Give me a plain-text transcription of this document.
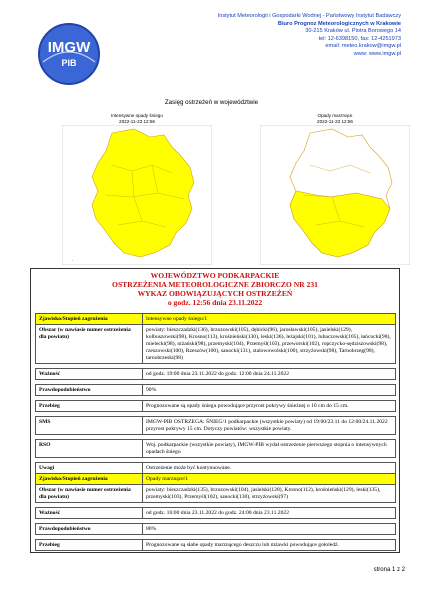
IMGW
PIB
Instytut Meteorologii i Gospodarki Wodnej - Państwowy Instytut Badawczy
Biuro Prognoz Meteorologicznych w Krakowie
30-215 Kraków ul. Piotra Borowego 14
tel: 12-6398150, fax: 12-4251973
email: meteo.krakow@imgw.pl
www: www.imgw.pl
Zasięg ostrzeżeń w województwie
Intensywne opady śniegu
2022-11-23 12:56
°
Opady marznące
2022-11-23 12:56
WOJEWÓDZTWO PODKARPACKIE
OSTRZEŻENIA METEOROLOGICZNE ZBIORCZO NR 231
WYKAZ OBOWIĄZUJĄCYCH OSTRZEŻEŃ
o godz. 12:56 dnia 23.11.2022
Zjawisko/Stopień zagrożenia	Intensywne opady śniegu/1
Obszar (w nawiasie numer ostrzeżenia dla powiatu)	powiaty: bieszczadzki(136), brzozowski(105), dębicki(96), jarosławski(105), jasielski(129), kolbuszowski(98), Krosno(113), krośnieński(130), leski(136), leżajski(101), lubaczowski(105), łańcucki(98), mielecki(98), niżański(98), przemyski(104), Przemyśl(103), przeworski(102), ropczycko-sędziszowski(98), rzeszowski(100), Rzeszów(100), sanocki(131), stalowowolski(100), strzyżowski(98), Tarnobrzeg(98), tarnobrzeski(98)

Ważność	od godz. 19:00 dnia 23.11.2022 do godz. 12:00 dnia 24.11.2022

Prawdopodobieństwo	90%

Przebieg	Prognozowane są opady śniegu powodujące przyrost pokrywy śnieżnej o 10 cm do 15 cm.

SMS	IMGW-PIB OSTRZEGA: ŚNIEG/1 podkarpackie (wszystkie powiaty) od 19:00/23.11 do 12:00/24.11.2022 przyrost pokrywy 15 cm. Dotyczy powiatów: wszystkie powiaty.

RSO	Woj. podkarpackie (wszystkie powiaty), IMGW-PIB wydał ostrzeżenie pierwszego stopnia o intensywnych opadach śniegu

Uwagi	Ostrzeżenie może być kontynuowane.
Zjawisko/Stopień zagrożenia	Opady marznące/1
Obszar (w nawiasie numer ostrzeżenia dla powiatu)	powiaty: bieszczadzki(135), brzozowski(104), jasielski(128), Krosno(112), krośnieński(129), leski(135), przemyski(103), Przemyśl(102), sanocki(130), strzyżowski(97)

Ważność	od godz. 16:00 dnia 23.11.2022 do godz. 24:00 dnia 23.11.2022

Prawdopodobieństwo	80%

Przebieg	Prognozowane są słabe opady marznącego deszczu lub mżawki powodujące gołoledź.
strona 1 z 2
